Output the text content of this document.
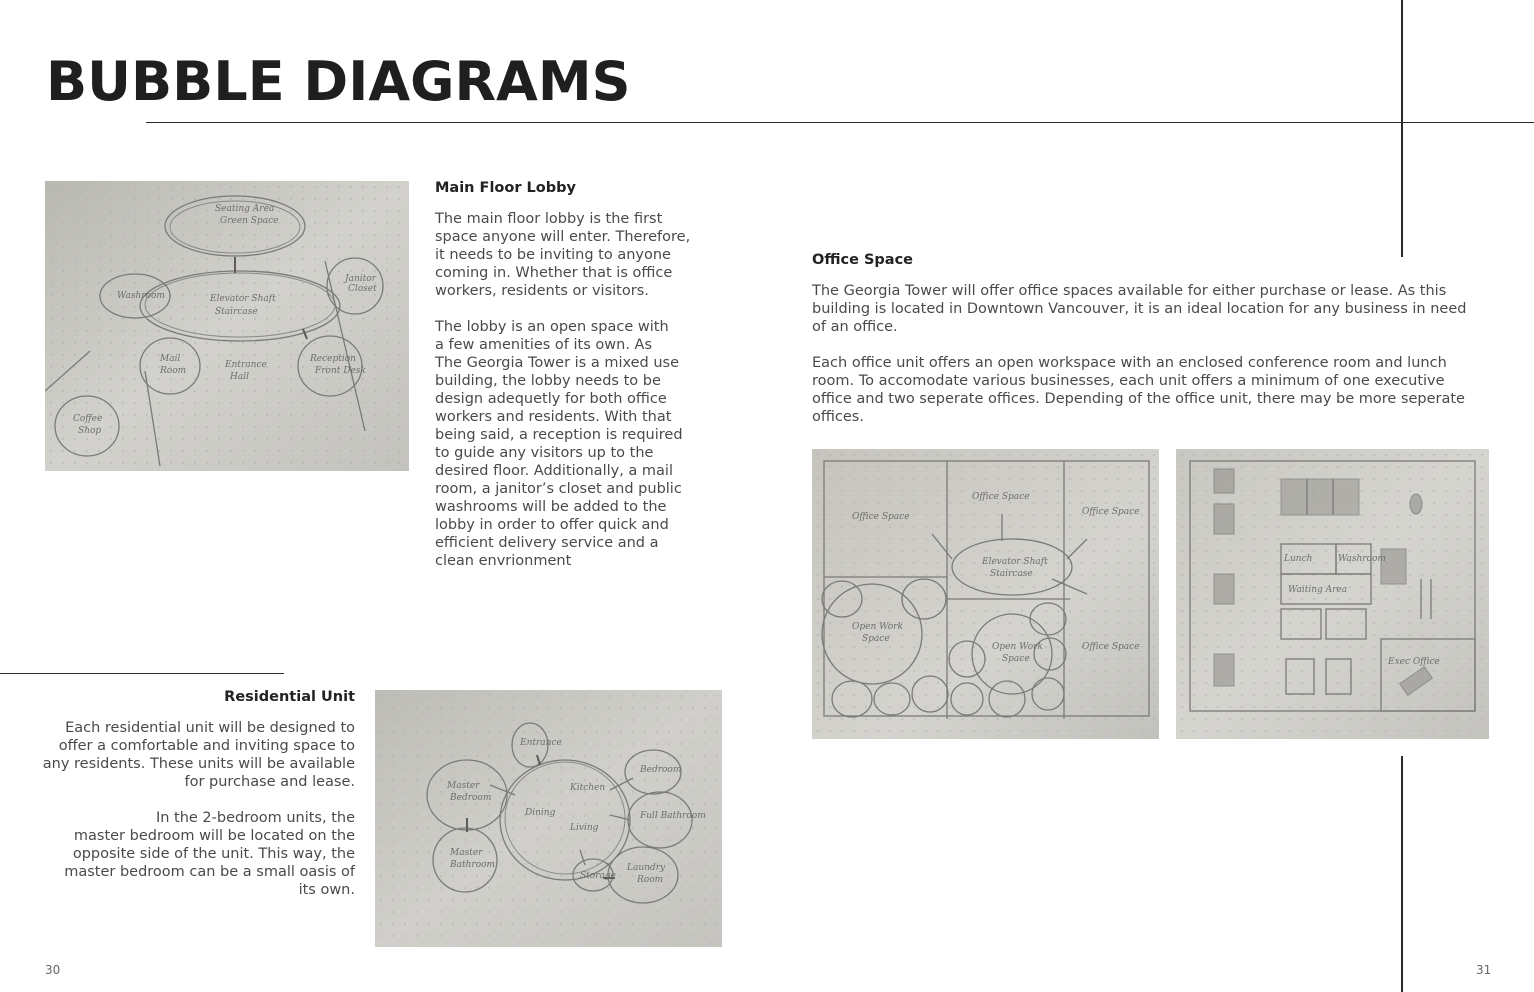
BUBBLE DIAGRAMS
Seating Area
Green Space
Elevator Shaft
Staircase
Washroom
Janitor
Closet
Mail
Room
Entrance
Hall
Reception
Front Desk
Coffee
Shop
Main Floor Lobby

The main floor lobby is the first
space anyone will enter. Therefore,
it needs to be inviting to anyone
coming in. Whether that is office
workers, residents or visitors.

The lobby is an open space with
a few amenities of its own. As
The Georgia Tower is a mixed use
building, the lobby needs to be
design adequetly for both office
workers and residents. With that
being said, a reception is required
to guide any visitors up to the
desired floor. Additionally, a mail
room, a janitor’s closet and public
washrooms will be added to the
lobby in order to offer quick and
efficient delivery service and a
clean envrionment

Office Space

The Georgia Tower will offer office spaces available for either purchase or lease. As this
building is located in Downtown Vancouver, it is an ideal location for any business in need
of an office.

Each office unit offers an open workspace with an enclosed conference room and lunch
room. To accomodate various businesses, each unit offers a minimum of one executive
office and two seperate offices. Depending of the office unit, there may be more seperate
offices.

Office Space
Office Space
Office Space
Office Space
Elevator Shaft
Staircase
Open Work
Space
Open Work
Space
Lunch	Washroom
Waiting Area
Exec Office
Residential Unit

Each residential unit will be designed to
offer a comfortable and inviting space to
any residents. These units will be available
for purchase and lease.

In the 2-bedroom units, the
master bedroom will be located on the
opposite side of the unit. This way, the
master bedroom can be a small oasis of
its own.

Master
Bedroom
Master
Bathroom
Entrance
Kitchen
Dining
Living
Bedroom
Full Bathroom
Storage
Laundry
Room
30	31
